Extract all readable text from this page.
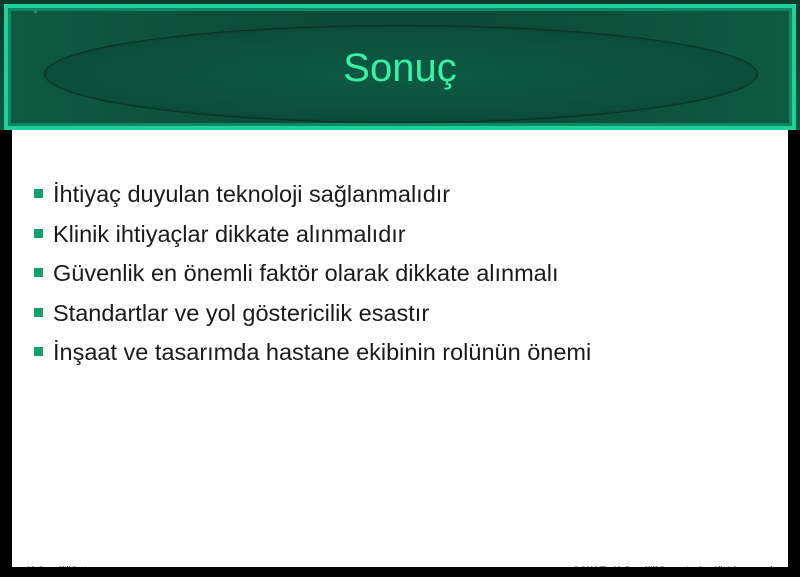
Sonuç
İhtiyaç duyulan teknoloji sağlanmalıdır
Klinik ihtiyaçlar dikkate alınmalıdır
Güvenlik en önemli faktör olarak dikkate alınmalı
Standartlar ve yol göstericilik esastır
İnşaat ve tasarımda hastane ekibinin rolünün önemi
McGraw-Hill/Irwin	© 2006 The McGraw-Hill Companies, Inc. All rights reserved.
